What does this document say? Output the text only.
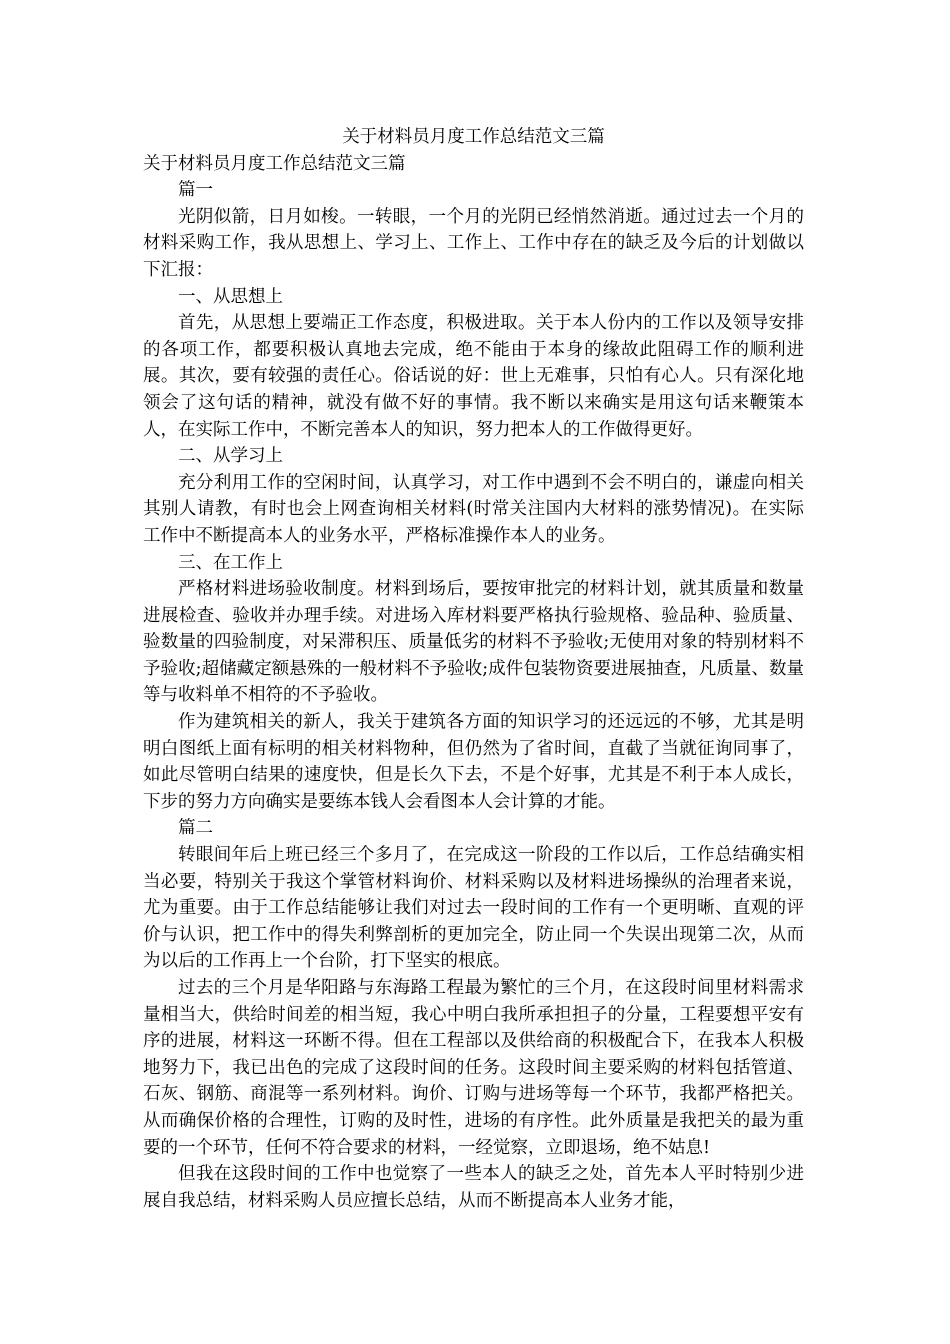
关于材料员月度工作总结范文三篇
关于材料员月度工作总结范文三篇
篇一
光阴似箭，日月如梭。一转眼，一个月的光阴已经悄然消逝。通过过去一个月的材料采购工作，我从思想上、学习上、工作上、工作中存在的缺乏及今后的计划做以下汇报：
一、从思想上
首先，从思想上要端正工作态度，积极进取。关于本人份内的工作以及领导安排的各项工作，都要积极认真地去完成，绝不能由于本身的缘故此阻碍工作的顺利进展。其次，要有较强的责任心。俗话说的好：世上无难事，只怕有心人。只有深化地领会了这句话的精神，就没有做不好的事情。我不断以来确实是用这句话来鞭策本人，在实际工作中，不断完善本人的知识，努力把本人的工作做得更好。
二、从学习上
充分利用工作的空闲时间，认真学习，对工作中遇到不会不明白的，谦虚向相关其别人请教，有时也会上网查询相关材料(时常关注国内大材料的涨势情况)。在实际工作中不断提高本人的业务水平，严格标准操作本人的业务。
三、在工作上
严格材料进场验收制度。材料到场后，要按审批完的材料计划，就其质量和数量进展检查、验收并办理手续。对进场入库材料要严格执行验规格、验品种、验质量、验数量的四验制度，对呆滞积压、质量低劣的材料不予验收;无使用对象的特别材料不予验收;超储藏定额悬殊的一般材料不予验收;成件包装物资要进展抽查，凡质量、数量等与收料单不相符的不予验收。
作为建筑相关的新人，我关于建筑各方面的知识学习的还远远的不够，尤其是明明白图纸上面有标明的相关材料物种，但仍然为了省时间，直截了当就征询同事了，如此尽管明白结果的速度快，但是长久下去，不是个好事，尤其是不利于本人成长，下步的努力方向确实是要练本钱人会看图本人会计算的才能。
篇二
转眼间年后上班已经三个多月了，在完成这一阶段的工作以后，工作总结确实相当必要，特别关于我这个掌管材料询价、材料采购以及材料进场操纵的治理者来说，尤为重要。由于工作总结能够让我们对过去一段时间的工作有一个更明晰、直观的评价与认识，把工作中的得失利弊剖析的更加完全，防止同一个失误出现第二次，从而为以后的工作再上一个台阶，打下坚实的根底。
过去的三个月是华阳路与东海路工程最为繁忙的三个月，在这段时间里材料需求量相当大，供给时间差的相当短，我心中明白我所承担担子的分量，工程要想平安有序的进展，材料这一环断不得。但在工程部以及供给商的积极配合下，在我本人积极地努力下，我已出色的完成了这段时间的任务。这段时间主要采购的材料包括管道、石灰、钢筋、商混等一系列材料。询价、订购与进场等每一个环节，我都严格把关。从而确保价格的合理性，订购的及时性，进场的有序性。此外质量是我把关的最为重要的一个环节，任何不符合要求的材料，一经觉察，立即退场，绝不姑息!
但我在这段时间的工作中也觉察了一些本人的缺乏之处，首先本人平时特别少进展自我总结，材料采购人员应擅长总结，从而不断提高本人业务才能，
